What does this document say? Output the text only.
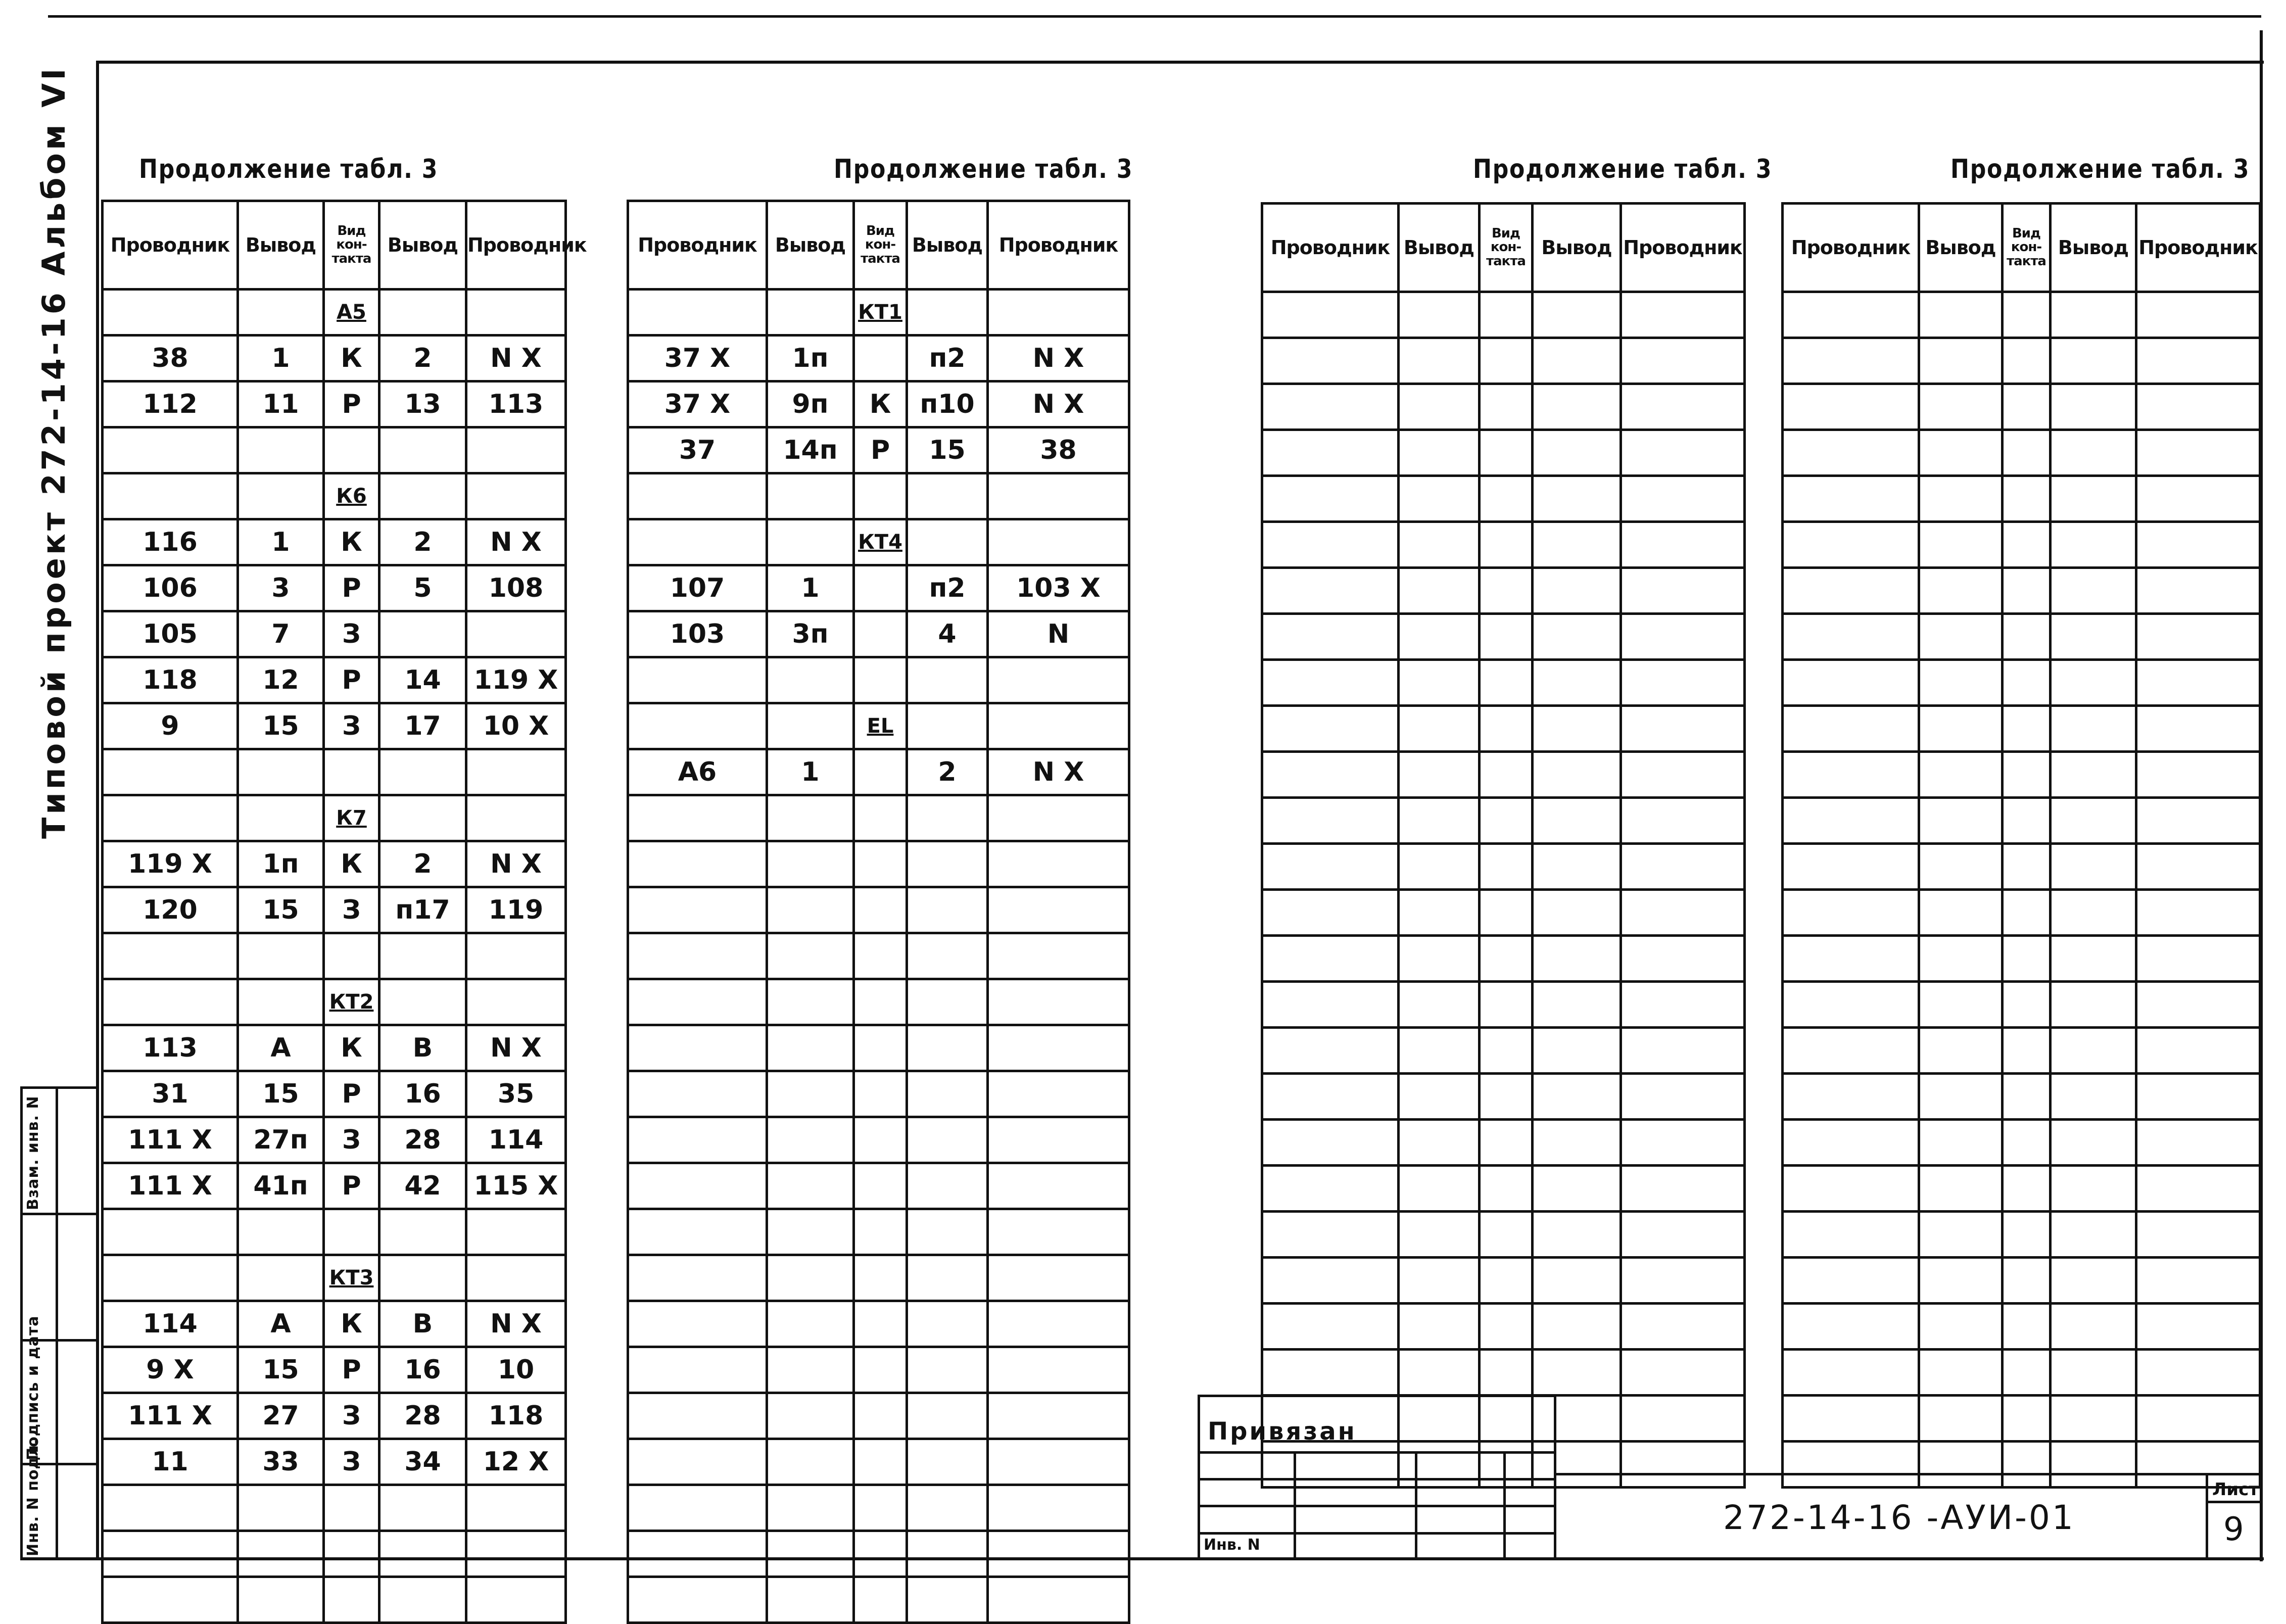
Типовой проект 272-14-16 Альбом VI
Взам. инв. N
Подпись и дата
Инв. N подл.
Продолжение табл. 3	Продолжение табл. 3	Продолжение табл. 3	Продолжение табл. 3
Проводник	Вывод	Вид кон-такта	Вывод	Проводник
		А5		
38	1	К	2	N X
112	11	Р	13	113

		К6		
116	1	К	2	N X
106	3	Р	5	108
105	7	З		
118	12	Р	14	119 X
9	15	З	17	10 X

		К7		
119 X	1п	К	2	N X
120	15	З	п17	119

		КТ2		
113	А	К	В	N X
31	15	Р	16	35
111 X	27п	З	28	114
111 X	41п	Р	42	115 X

		КТ3		
114	А	К	В	N X
9 X	15	Р	16	10
111 X	27	З	28	118
11	33	З	34	12 X

Проводник	Вывод	Вид кон-такта	Вывод	Проводник
		КТ1		
37 X	1п		п2	N X
37 X	9п	К	п10	N X
37	14п	Р	15	38

		КТ4		
107	1		п2	103 X
103	3п		4	N

		EL		
А6	1		2	N X

Проводник	Вывод	Вид кон-такта	Вывод	Проводник

					Проводник	Вывод	Вид кон-такта	Вывод	Проводник

Привязан
Инв. N
272-14-16 -АУИ-01
Лист
9
